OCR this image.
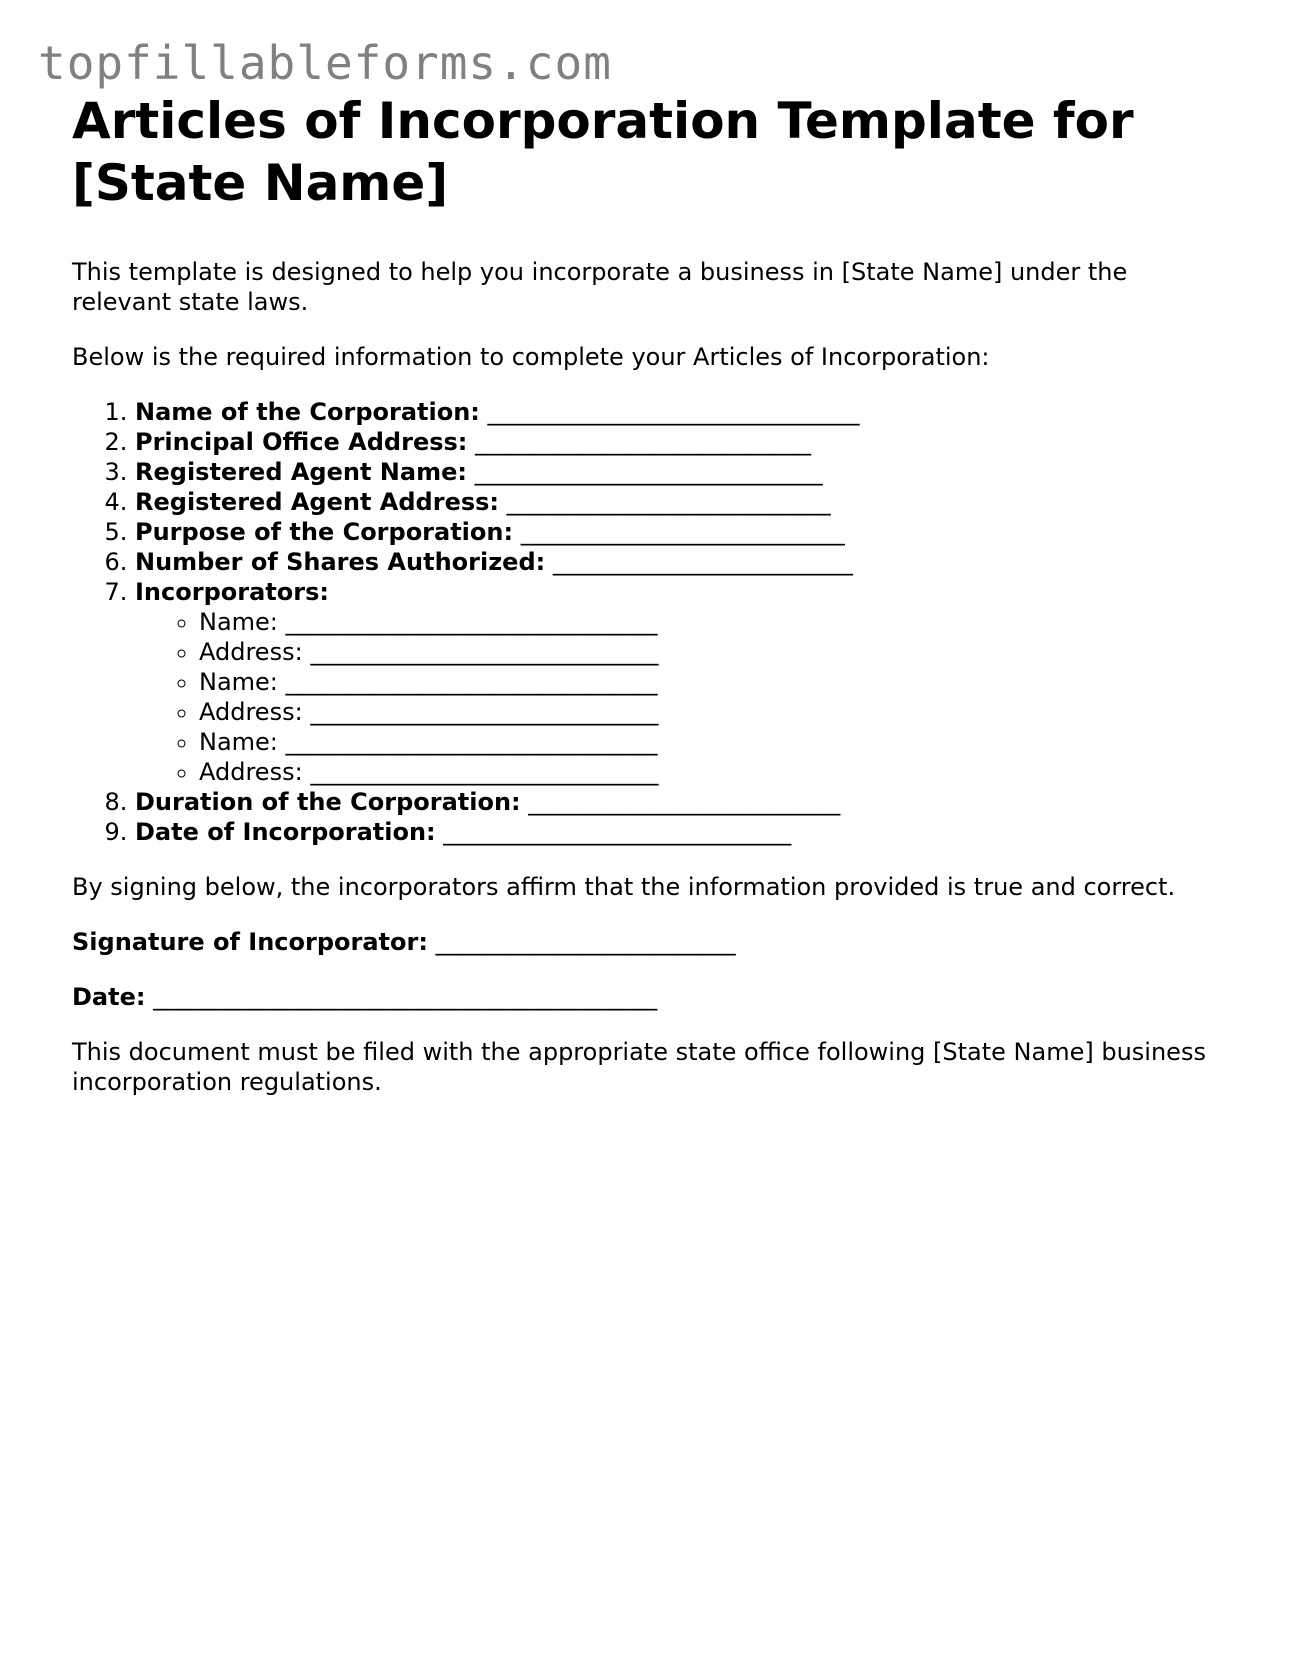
topfillableforms.com
Articles of Incorporation Template for [State Name]

This template is designed to help you incorporate a business in [State Name] under the relevant state laws.

Below is the required information to complete your Articles of Incorporation:

1. Name of the Corporation: _______________________________
2. Principal Office Address: ____________________________
3. Registered Agent Name: _____________________________
4. Registered Agent Address: ___________________________
5. Purpose of the Corporation: ___________________________
6. Number of Shares Authorized: _________________________
7. Incorporators:
◦ Name: _______________________________
◦ Address: _____________________________
◦ Name: _______________________________
◦ Address: _____________________________
◦ Name: _______________________________
◦ Address: _____________________________
8. Duration of the Corporation: __________________________
9. Date of Incorporation: _____________________________

By signing below, the incorporators affirm that the information provided is true and correct.

Signature of Incorporator: _________________________

Date: __________________________________________

This document must be filed with the appropriate state office following [State Name] business incorporation regulations.
